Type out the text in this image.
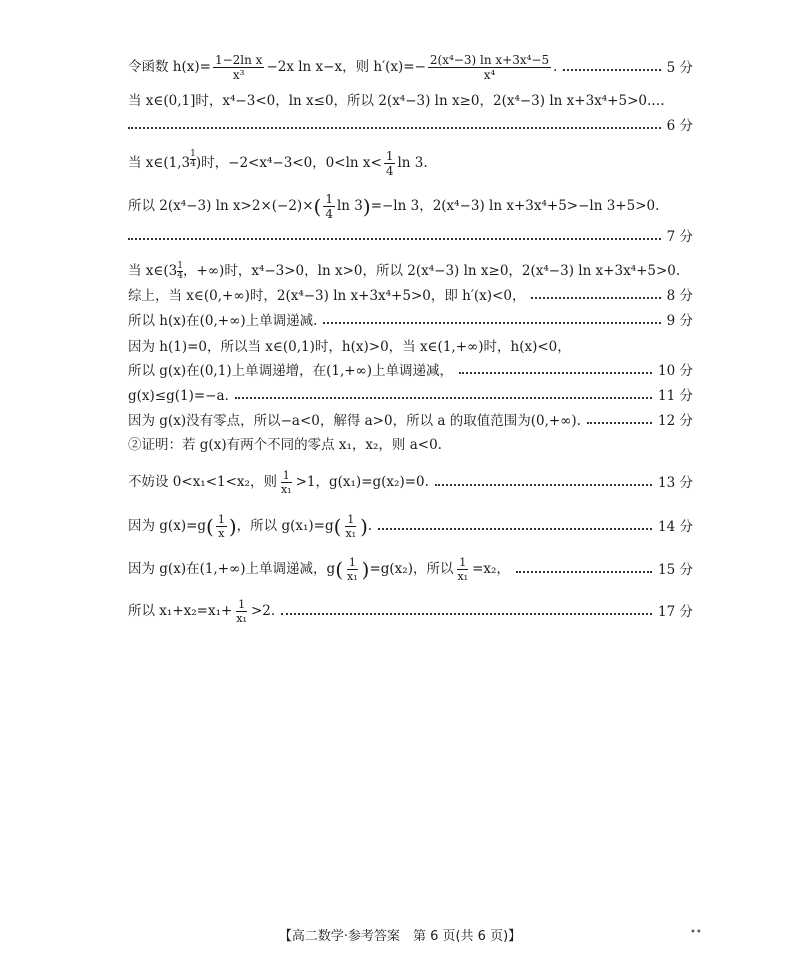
令函数 $h(x)= \frac{\text{1−2ln x}}{\text{x³}} -2x$ ln x−x，则 $h'(x)=- \frac{\text{2(x⁴−3) ln x+3x⁴−5}}{\text{x⁴}}$ .	5 分
当 x∈(0,1]时，x⁴−3<0，ln x≤0，所以 2(x⁴−3) ln x≥0，2(x⁴−3) ln x+3x⁴+5>0.…
6 分
当 x∈(1,3 $^{\frac{1}{4}}$ )时，−2<x⁴−3<0，0<ln $x< \frac{1}{4}$ ln 3.
所以 2(x⁴−3) $\ln x>2\times(-2)\times( \frac{1}{4}$ ln 3)=−ln 3，2(x⁴−3) ln x+3x⁴+5>−ln 3+5>0.
7 分
当 x∈(3 $^{\frac{1}{4}}$ ，+∞)时，x⁴−3>0，ln x>0，所以 2(x⁴−3) ln x≥0，2(x⁴−3) ln x+3x⁴+5>0.
综上，当 x∈(0,+∞)时，2(x⁴−3) ln x+3x⁴+5>0，即 h′(x)<0，	8 分
所以 h(x)在(0,+∞)上单调递减.	9 分
因为 h(1)=0，所以当 x∈(0,1)时，h(x)>0，当 x∈(1,+∞)时，h(x)<0，
所以 g(x)在(0,1)上单调递增，在(1,+∞)上单调递减，	10 分
g(x)≤g(1)=−a.	11 分
因为 g(x)没有零点，所以−a<0，解得 a>0，所以 a 的取值范围为(0,+∞).	12 分
②证明：若 g(x)有两个不同的零点 x₁，x₂，则 a<0.
不妨设 0<x₁<1<x₂，则 $\frac{1}{\text{x₁}} >1$，g(x₁)=g(x₂)=0.	13 分
因为 $g(x)=g( \frac{1}{x}$ )，所以 $g(x_1)=g( \frac{1}{\text{x₁}}$ ).	14 分
因为 g(x)在(1,+∞)上单调递减，$g( \frac{1}{\text{x₁}} )=g(x_2)$，所以 $\frac{1}{\text{x₁}} =x_2$，	15 分
所以 $x_1+x_2=x_1+ \frac{1}{\text{x₁}} >2$.	17 分
【高二数学·参考答案　第 6 页(共 6 页)】	••
